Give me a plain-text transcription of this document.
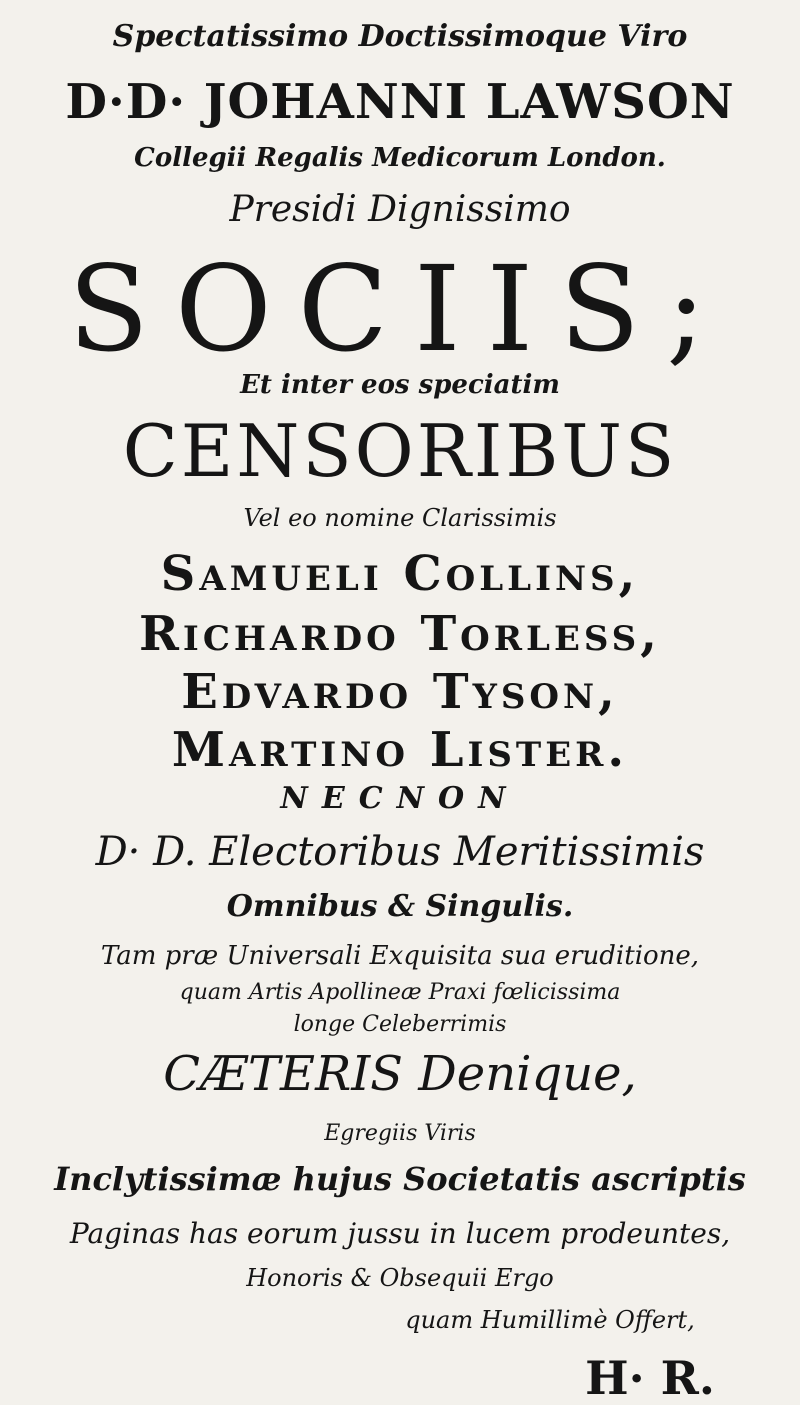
Spectatissimo Doctissimoque Viro
D·D· JOHANNI LAWSON
Collegii Regalis Medicorum London.
Presidi Dignissimo
SOCIIS;
Et inter eos speciatim
CENSORIBUS
Vel eo nomine Clarissimis
Samueli Collins,
Richardo Torless,
Edvardo Tyson,
Martino Lister.
NECNON
D· D. Electoribus Meritissimis
Omnibus & Singulis.
Tam præ Universali Exquisita sua eruditione,
quam Artis Apollineæ Praxi fœlicissima
longe Celeberrimis
CÆTERIS Denique,
Egregiis Viris
Inclytissimæ hujus Societatis ascriptis
Paginas has eorum jussu in lucem prodeuntes,
Honoris & Obsequii Ergo
quam Humillimè Offert,
H· R.
